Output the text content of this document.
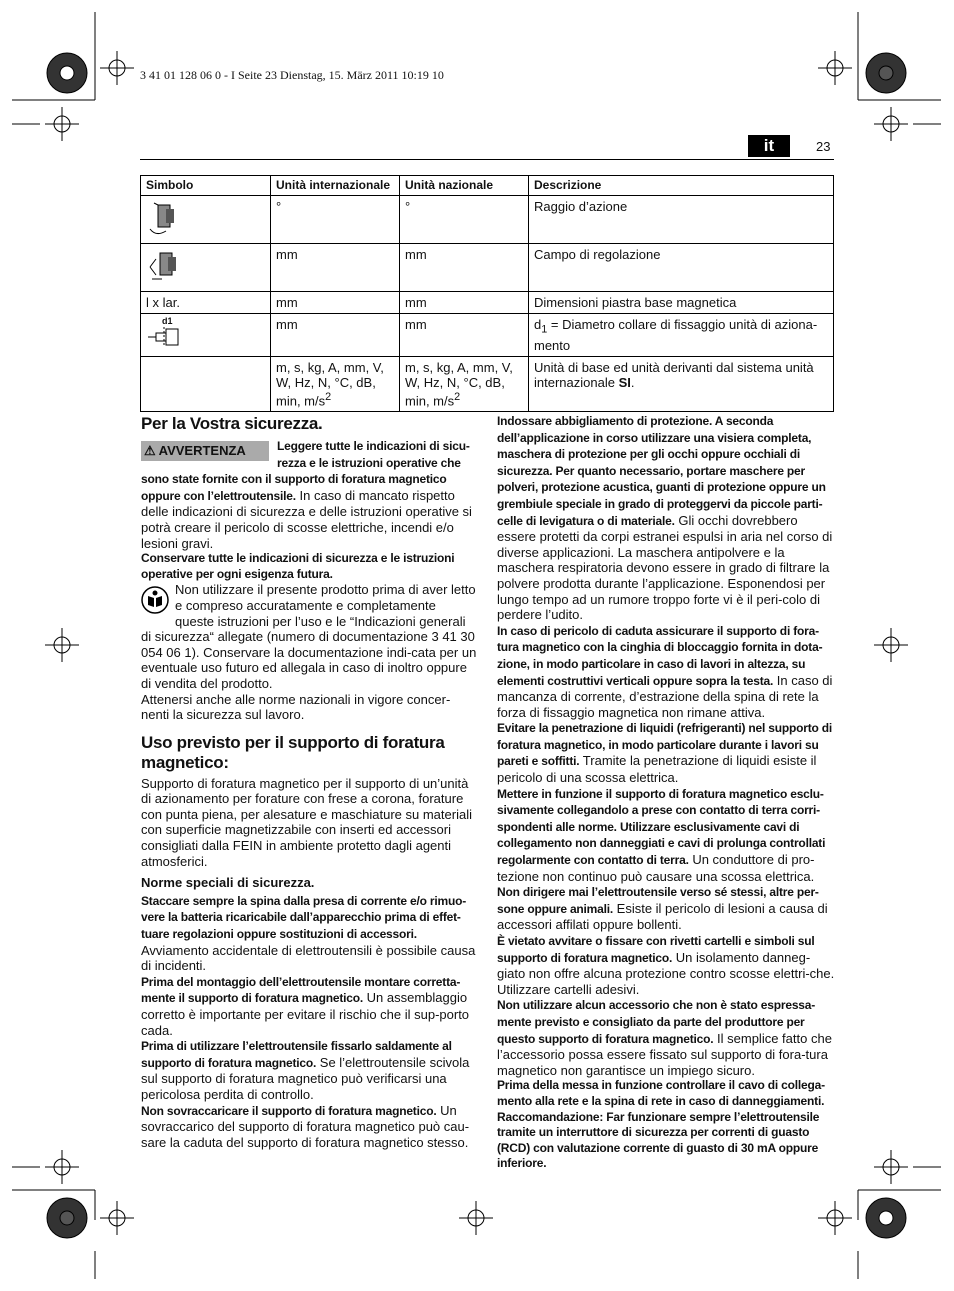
3 41 01 128 06 0 - I Seite 23 Dienstag, 15. März 2011 10:19 10
it	23
Simbolo	Unità internazionale	Unità nazionale	Descrizione
	°	°	Raggio d’azione
	mm	mm	Campo di regolazione
l x lar.	mm	mm	Dimensioni piastra base magnetica

d1	mm	mm	$d_1$ = Diametro collare di fissaggio unità di aziona-mento
	m, s, kg, A, mm, V, W, Hz, N, °C, dB, min, $m/s^2$	m, s, kg, A, mm, V, W, Hz, N, °C, dB, min, $m/s^2$	Unità di base ed unità derivanti dal sistema unità internazionale SI.
Per la Vostra sicurezza.
⚠ AVVERTENZA	Leggere tutte le indicazioni di sicu-rezza e le istruzioni operative che sono state fornite con il supporto di foratura magnetico oppure con l’elettroutensile. In caso di mancato rispetto delle indicazioni di sicurezza e delle istruzioni operative si potrà creare il pericolo di scosse elettriche, incendi e/o lesioni gravi.

Conservare tutte le indicazioni di sicurezza e le istruzioni operative per ogni esigenza futura.

Non utilizzare il presente prodotto prima di aver letto e compreso accuratamente e completamente queste istruzioni per l’uso e le “Indicazioni generali di sicurezza“ allegate (numero di documentazione 3 41 30 054 06 1). Conservare la documentazione indi-cata per un eventuale uso futuro ed allegala in caso di inoltro oppure di vendita del prodotto.

Attenersi anche alle norme nazionali in vigore concer-nenti la sicurezza sul lavoro.

Uso previsto per il supporto di foratura magnetico:

Supporto di foratura magnetico per il supporto di un’unità di azionamento per forature con frese a corona, forature con punta piena, per alesature e maschiature su materiali con superficie magnetizzabile con inserti ed accessori consigliati dalla FEIN in ambiente protetto dagli agenti atmosferici.

Norme speciali di sicurezza.

Staccare sempre la spina dalla presa di corrente e/o rimuo-vere la batteria ricaricabile dall’apparecchio prima di effet-tuare regolazioni oppure sostituzioni di accessori. Avviamento accidentale di elettroutensili è possibile causa di incidenti.

Prima del montaggio dell’elettroutensile montare corretta-mente il supporto di foratura magnetico. Un assemblaggio corretto è importante per evitare il rischio che il sup-porto cada.

Prima di utilizzare l’elettroutensile fissarlo saldamente al supporto di foratura magnetico. Se l’elettroutensile scivola sul supporto di foratura magnetico può verificarsi una pericolosa perdita di controllo.

Non sovraccaricare il supporto di foratura magnetico. Un sovraccarico del supporto di foratura magnetico può cau-sare la caduta del supporto di foratura magnetico stesso.

Indossare abbigliamento di protezione. A seconda dell’applicazione in corso utilizzare una visiera completa, maschera di protezione per gli occhi oppure occhiali di sicurezza. Per quanto necessario, portare maschere per polveri, protezione acustica, guanti di protezione oppure un grembiule speciale in grado di proteggervi da piccole parti-celle di levigatura o di materiale. Gli occhi dovrebbero essere protetti da corpi estranei espulsi in aria nel corso di diverse applicazioni. La maschera antipolvere e la maschera respiratoria devono essere in grado di filtrare la polvere prodotta durante l’applicazione. Esponendosi per lungo tempo ad un rumore troppo forte vi è il peri-colo di perdere l’udito.

In caso di pericolo di caduta assicurare il supporto di fora-tura magnetico con la cinghia di bloccaggio fornita in dota-zione, in modo particolare in caso di lavori in altezza, su elementi costruttivi verticali oppure sopra la testa. In caso di mancanza di corrente, d’estrazione della spina di rete la forza di fissaggio magnetica non rimane attiva.

Evitare la penetrazione di liquidi (refrigeranti) nel supporto di foratura magnetico, in modo particolare durante i lavori su pareti e soffitti. Tramite la penetrazione di liquidi esiste il pericolo di una scossa elettrica.

Mettere in funzione il supporto di foratura magnetico esclu-sivamente collegandolo a prese con contatto di terra corri-spondenti alle norme. Utilizzare esclusivamente cavi di collegamento non danneggiati e cavi di prolunga controllati regolarmente con contatto di terra. Un conduttore di pro-tezione non continuo può causare una scossa elettrica.

Non dirigere mai l’elettroutensile verso sé stessi, altre per-sone oppure animali. Esiste il pericolo di lesioni a causa di accessori affilati oppure bollenti.

È vietato avvitare o fissare con rivetti cartelli e simboli sul supporto di foratura magnetico. Un isolamento danneg-giato non offre alcuna protezione contro scosse elettri-che. Utilizzare cartelli adesivi.

Non utilizzare alcun accessorio che non è stato espressa-mente previsto e consigliato da parte del produttore per questo supporto di foratura magnetico. Il semplice fatto che l’accessorio possa essere fissato sul supporto di fora-tura magnetico non garantisce un impiego sicuro.

Prima della messa in funzione controllare il cavo di collega-mento alla rete e la spina di rete in caso di danneggiamenti.

Raccomandazione: Far funzionare sempre l’elettroutensile tramite un interruttore di sicurezza per correnti di guasto (RCD) con valutazione corrente di guasto di 30 mA oppure inferiore.
